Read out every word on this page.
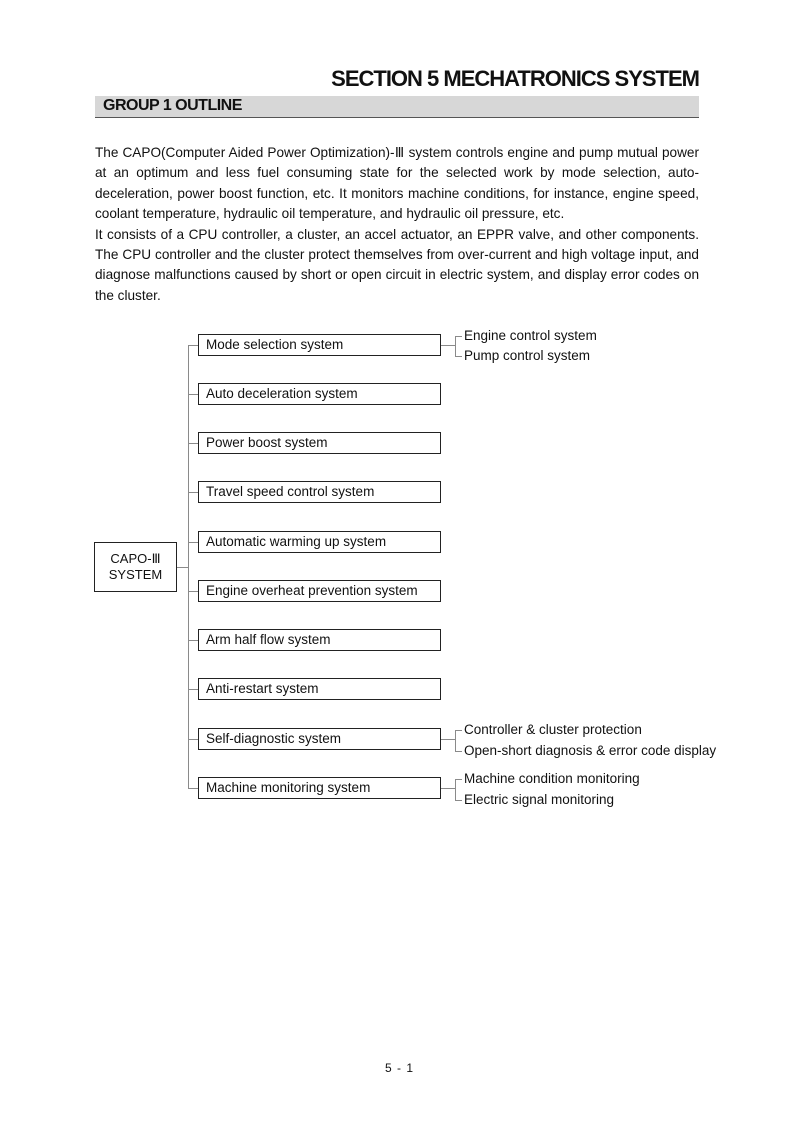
SECTION 5 MECHATRONICS SYSTEM
GROUP 1 OUTLINE

The CAPO(Computer Aided Power Optimization)-Ⅲ system controls engine and pump mutual power at an optimum and less fuel consuming state for the selected work by mode selection, auto-deceleration, power boost function, etc. It monitors machine conditions, for instance, engine speed, coolant temperature, hydraulic oil temperature, and hydraulic oil pressure, etc.

It consists of a CPU controller, a cluster, an accel actuator, an EPPR valve, and other components. The CPU controller and the cluster protect themselves from over-current and high voltage input, and diagnose malfunctions caused by short or open circuit in electric system, and display error codes on the cluster.

CAPO-Ⅲ
SYSTEM
Mode selection system
Auto deceleration system
Power boost system
Travel speed control system
Automatic warming up system
Engine overheat prevention system
Arm half flow system
Anti-restart system
Self-diagnostic system
Machine monitoring system
Engine control system
Pump control system
Controller & cluster protection
Open-short diagnosis & error code display
Machine condition monitoring
Electric signal monitoring
5 - 1
